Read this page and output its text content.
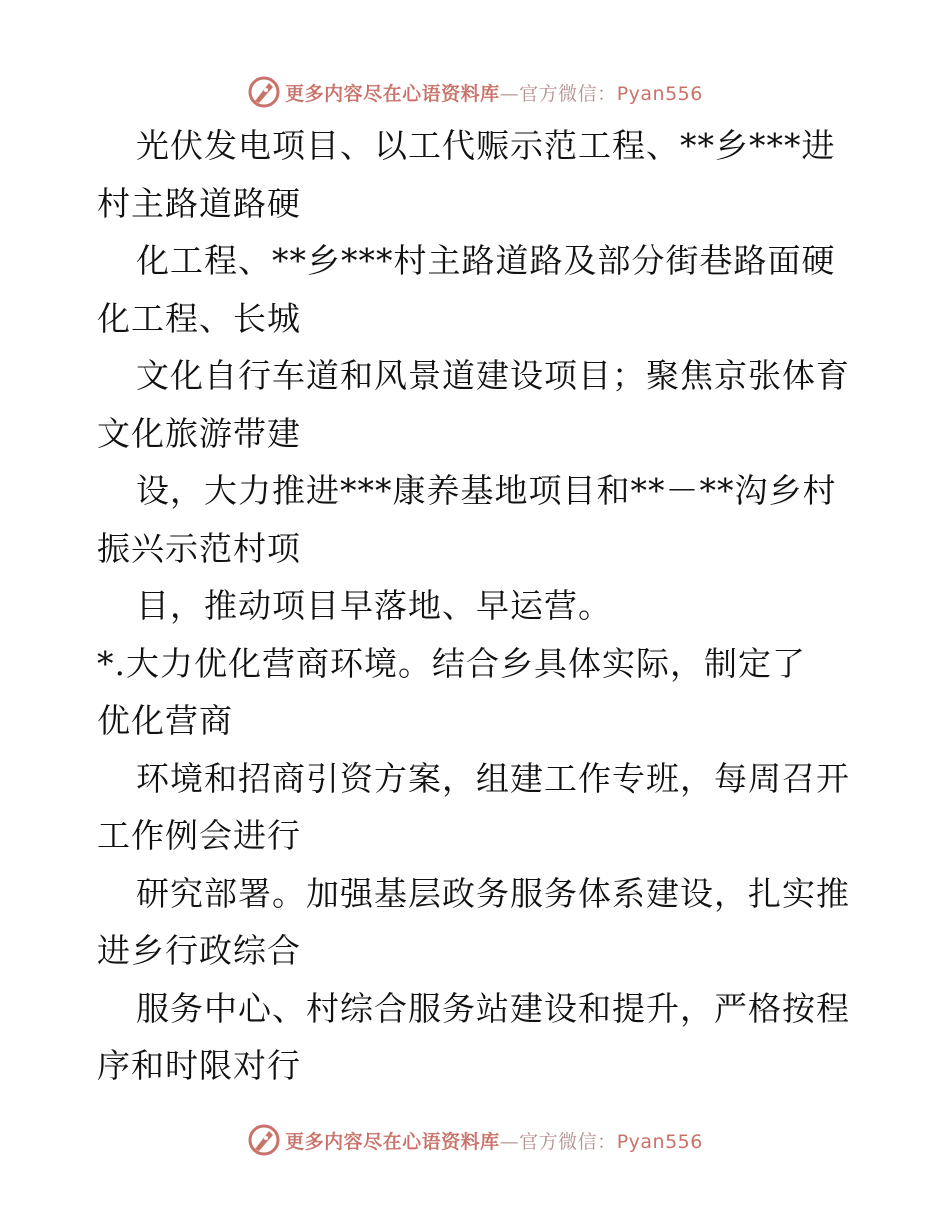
更多内容尽在心语资料库—官方微信：Pyan556
光伏发电项目、以工代赈示范工程、**乡***进
村主路道路硬
化工程、**乡***村主路道路及部分街巷路面硬
化工程、长城
文化自行车道和风景道建设项目；聚焦京张体育
文化旅游带建
设，大力推进***康养基地项目和**－**沟乡村
振兴示范村项
目，推动项目早落地、早运营。
*.大力优化营商环境。结合乡具体实际，制定了
优化营商
环境和招商引资方案，组建工作专班，每周召开
工作例会进行
研究部署。加强基层政务服务体系建设，扎实推
进乡行政综合
服务中心、村综合服务站建设和提升，严格按程
序和时限对行
更多内容尽在心语资料库—官方微信：Pyan556
